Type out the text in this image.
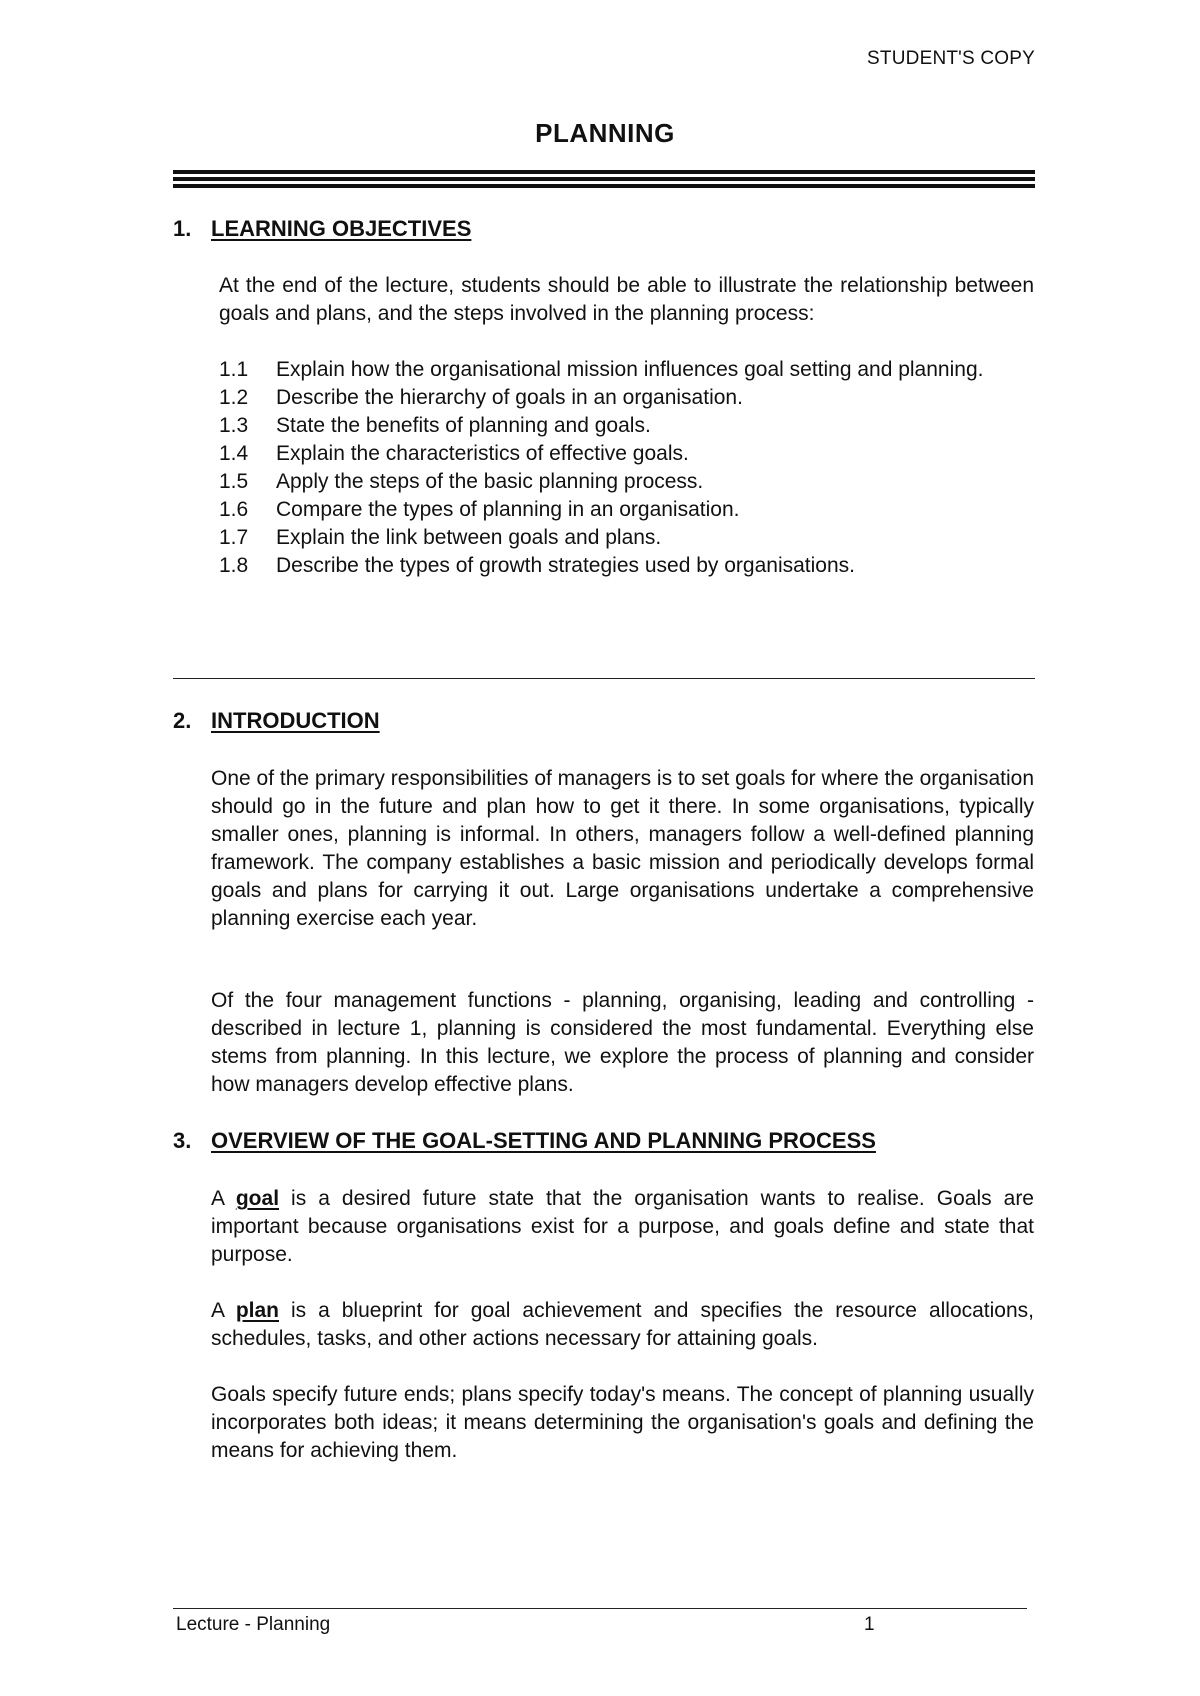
STUDENT'S COPY
PLANNING
1. LEARNING OBJECTIVES

At the end of the lecture, students should be able to illustrate the relationship between goals and plans, and the steps involved in the planning process:

1.1	Explain how the organisational mission influences goal setting and planning.
1.2	Describe the hierarchy of goals in an organisation.
1.3	State the benefits of planning and goals.
1.4	Explain the characteristics of effective goals.
1.5	Apply the steps of the basic planning process.
1.6	Compare the types of planning in an organisation.
1.7	Explain the link between goals and plans.
1.8	Describe the types of growth strategies used by organisations.
2. INTRODUCTION

One of the primary responsibilities of managers is to set goals for where the organisation should go in the future and plan how to get it there. In some organisations, typically smaller ones, planning is informal. In others, managers follow a well-defined planning framework. The company establishes a basic mission and periodically develops formal goals and plans for carrying it out. Large organisations undertake a comprehensive planning exercise each year.

Of the four management functions - planning, organising, leading and controlling - described in lecture 1, planning is considered the most fundamental. Everything else stems from planning. In this lecture, we explore the process of planning and consider how managers develop effective plans.

3. OVERVIEW OF THE GOAL-SETTING AND PLANNING PROCESS

A goal is a desired future state that the organisation wants to realise. Goals are important because organisations exist for a purpose, and goals define and state that purpose.

A plan is a blueprint for goal achievement and specifies the resource allocations, schedules, tasks, and other actions necessary for attaining goals.

Goals specify future ends; plans specify today's means. The concept of planning usually incorporates both ideas; it means determining the organisation's goals and defining the means for achieving them.

Lecture - Planning	1
